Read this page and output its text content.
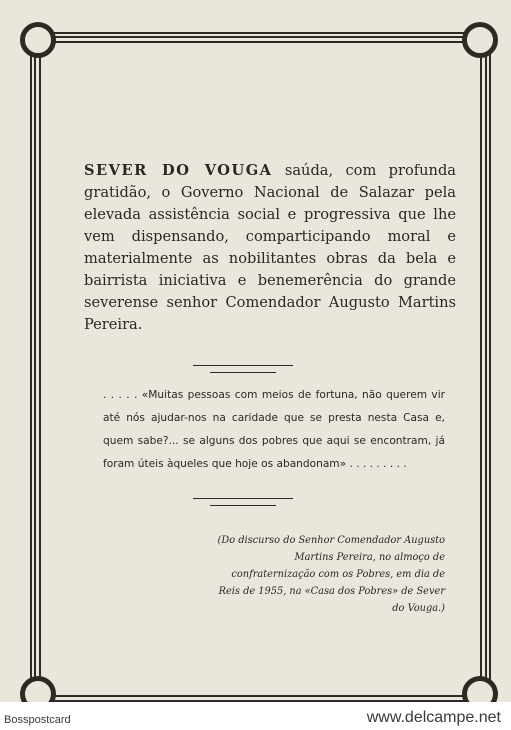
SEVER DO VOUGA saúda, com profunda gratidão, o Governo Nacional de Salazar pela elevada assistência social e progressiva que lhe vem dispensando, comparticipando moral e materialmente as nobilitantes obras da bela e bairrista iniciativa e benemerência do grande severense senhor Comendador Augusto Martins Pereira.
. . . . . «Muitas pessoas com meios de fortuna, não querem vir até nós ajudar-nos na caridade que se presta nesta Casa e, quem sabe?... se alguns dos pobres que aqui se encontram, já foram úteis àqueles que hoje os abandonam» . . . . . . . . .
(Do discurso do Senhor Comendador Augusto Martins Pereira, no almoço de confraternização com os Pobres, em dia de Reis de 1955, na «Casa dos Pobres» de Sever do Vouga.)
Bosspostcard	www.delcampe.net
